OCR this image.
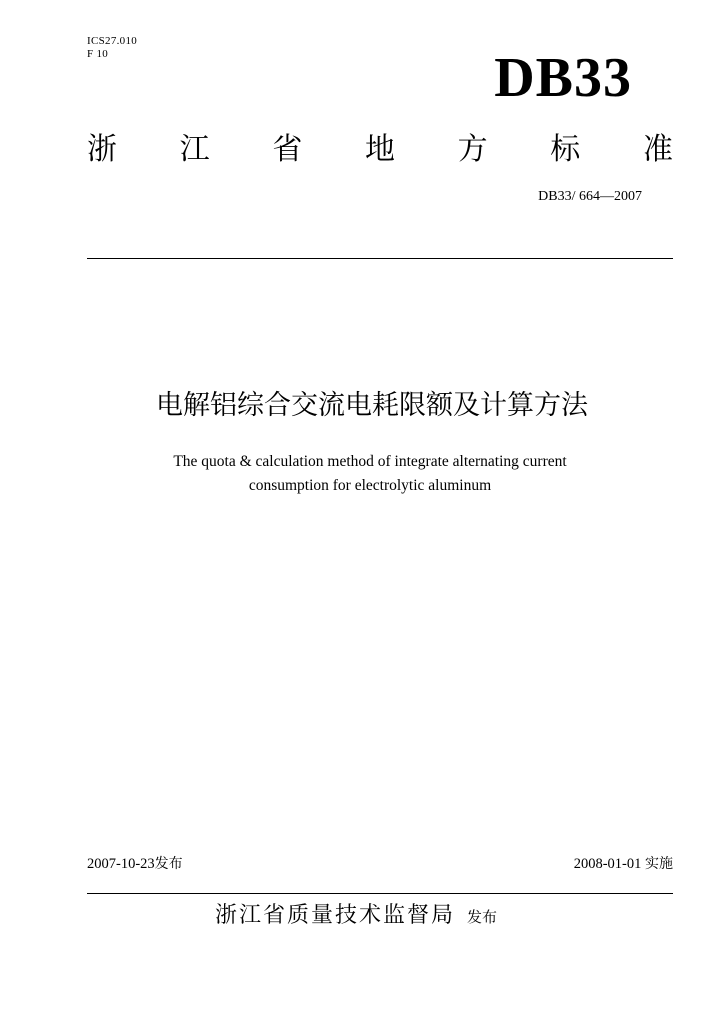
ICS27.010
F 10	DB33
浙 江 省 地 方 标 准
DB33/ 664—2007
电解铝综合交流电耗限额及计算方法
The quota & calculation method of integrate alternating current
consumption for electrolytic aluminum
2007-10-23发布	2008-01-01 实施
浙江省质量技术监督局 发布
